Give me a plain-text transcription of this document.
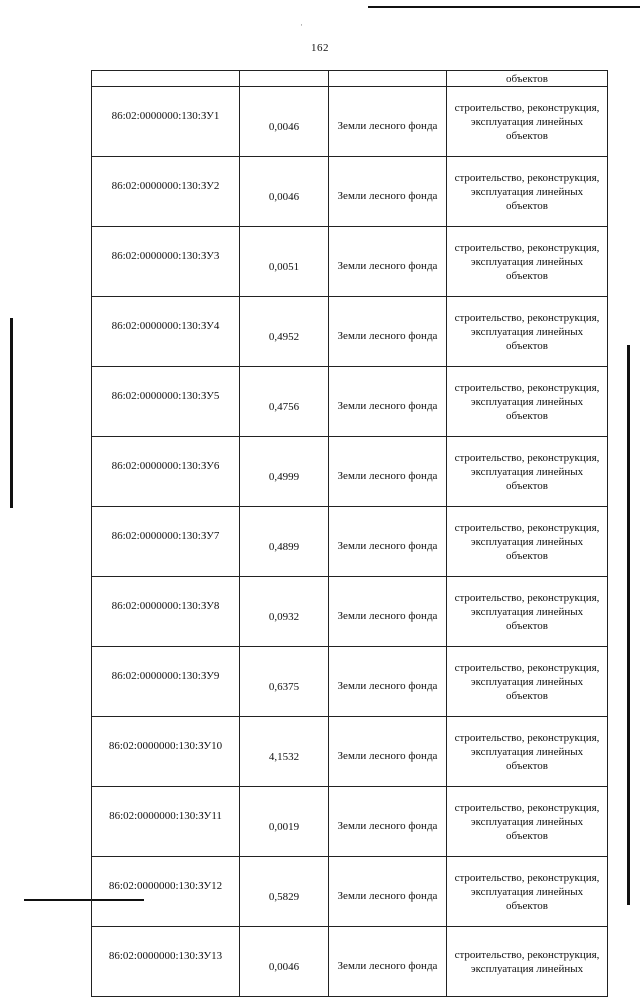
·
162
			объектов
86:02:0000000:130:ЗУ1	0,0046	Земли лесного фонда	строительство, реконструкция, эксплуатация линейных объектов
86:02:0000000:130:ЗУ2	0,0046	Земли лесного фонда	строительство, реконструкция, эксплуатация линейных объектов
86:02:0000000:130:ЗУ3	0,0051	Земли лесного фонда	строительство, реконструкция, эксплуатация линейных объектов
86:02:0000000:130:ЗУ4	0,4952	Земли лесного фонда	строительство, реконструкция, эксплуатация линейных объектов
86:02:0000000:130:ЗУ5	0,4756	Земли лесного фонда	строительство, реконструкция, эксплуатация линейных объектов
86:02:0000000:130:ЗУ6	0,4999	Земли лесного фонда	строительство, реконструкция, эксплуатация линейных объектов
86:02:0000000:130:ЗУ7	0,4899	Земли лесного фонда	строительство, реконструкция, эксплуатация линейных объектов
86:02:0000000:130:ЗУ8	0,0932	Земли лесного фонда	строительство, реконструкция, эксплуатация линейных объектов
86:02:0000000:130:ЗУ9	0,6375	Земли лесного фонда	строительство, реконструкция, эксплуатация линейных объектов
86:02:0000000:130:ЗУ10	4,1532	Земли лесного фонда	строительство, реконструкция, эксплуатация линейных объектов
86:02:0000000:130:ЗУ11	0,0019	Земли лесного фонда	строительство, реконструкция, эксплуатация линейных объектов
86:02:0000000:130:ЗУ12	0,5829	Земли лесного фонда	строительство, реконструкция, эксплуатация линейных объектов
86:02:0000000:130:ЗУ13	0,0046	Земли лесного фонда	строительство, реконструкция, эксплуатация линейных
